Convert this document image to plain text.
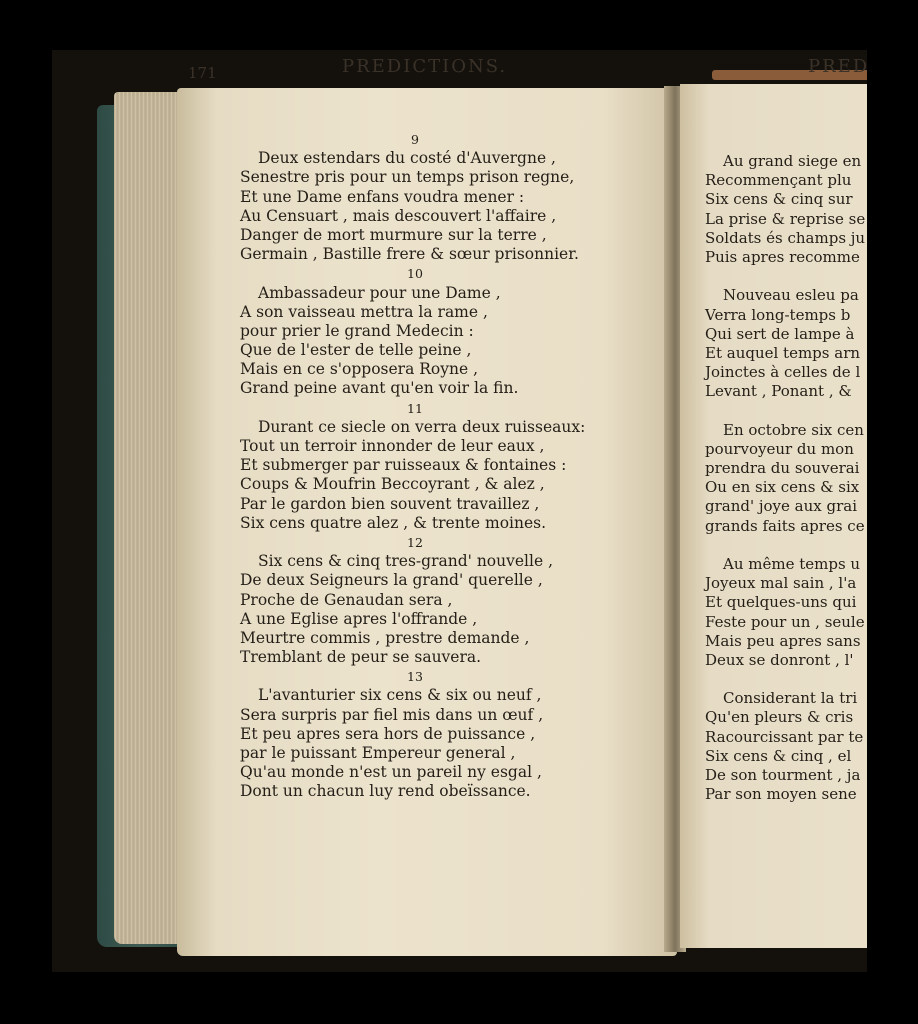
171	PREDICTIONS.	PRED
9
Deux estendars du costé d'Auvergne ,
Senestre pris pour un temps prison regne,
Et une Dame enfans voudra mener :
Au Censuart , mais descouvert l'affaire ,
Danger de mort murmure sur la terre ,
Germain , Bastille frere & sœur prisonnier.
10
Ambassadeur pour une Dame ,
A son vaisseau mettra la rame ,
pour prier le grand Medecin :
Que de l'ester de telle peine ,
Mais en ce s'opposera Royne ,
Grand peine avant qu'en voir la fin.
11
Durant ce siecle on verra deux ruisseaux:
Tout un terroir innonder de leur eaux ,
Et submerger par ruisseaux & fontaines :
Coups & Moufrin Beccoyrant , & alez ,
Par le gardon bien souvent travaillez ,
Six cens quatre alez , & trente moines.
12
Six cens & cinq tres-grand' nouvelle ,
De deux Seigneurs la grand' querelle ,
Proche de Genaudan sera ,
A une Eglise apres l'offrande ,
Meurtre commis , prestre demande ,
Tremblant de peur se sauvera.
13
L'avanturier six cens & six ou neuf ,
Sera surpris par fiel mis dans un œuf ,
Et peu apres sera hors de puissance ,
par le puissant Empereur general ,
Qu'au monde n'est un pareil ny esgal ,
Dont un chacun luy rend obeïssance.
Au grand siege en
Recommençant plu
Six cens & cinq sur
La prise & reprise se
Soldats és champs ju
Puis apres recomme
Nouveau esleu pa
Verra long-temps b
Qui sert de lampe à
Et auquel temps arn
Joinctes à celles de l
Levant , Ponant , &
En octobre six cen
pourvoyeur du mon
prendra du souverai
Ou en six cens & six
grand' joye aux grai
grands faits apres ce
Au même temps u
Joyeux mal sain , l'a
Et quelques-uns qui
Feste pour un , seule
Mais peu apres sans
Deux se donront , l'
Considerant la tri
Qu'en pleurs & cris
Racourcissant par te
Six cens & cinq , el
De son tourment , ja
Par son moyen sene
